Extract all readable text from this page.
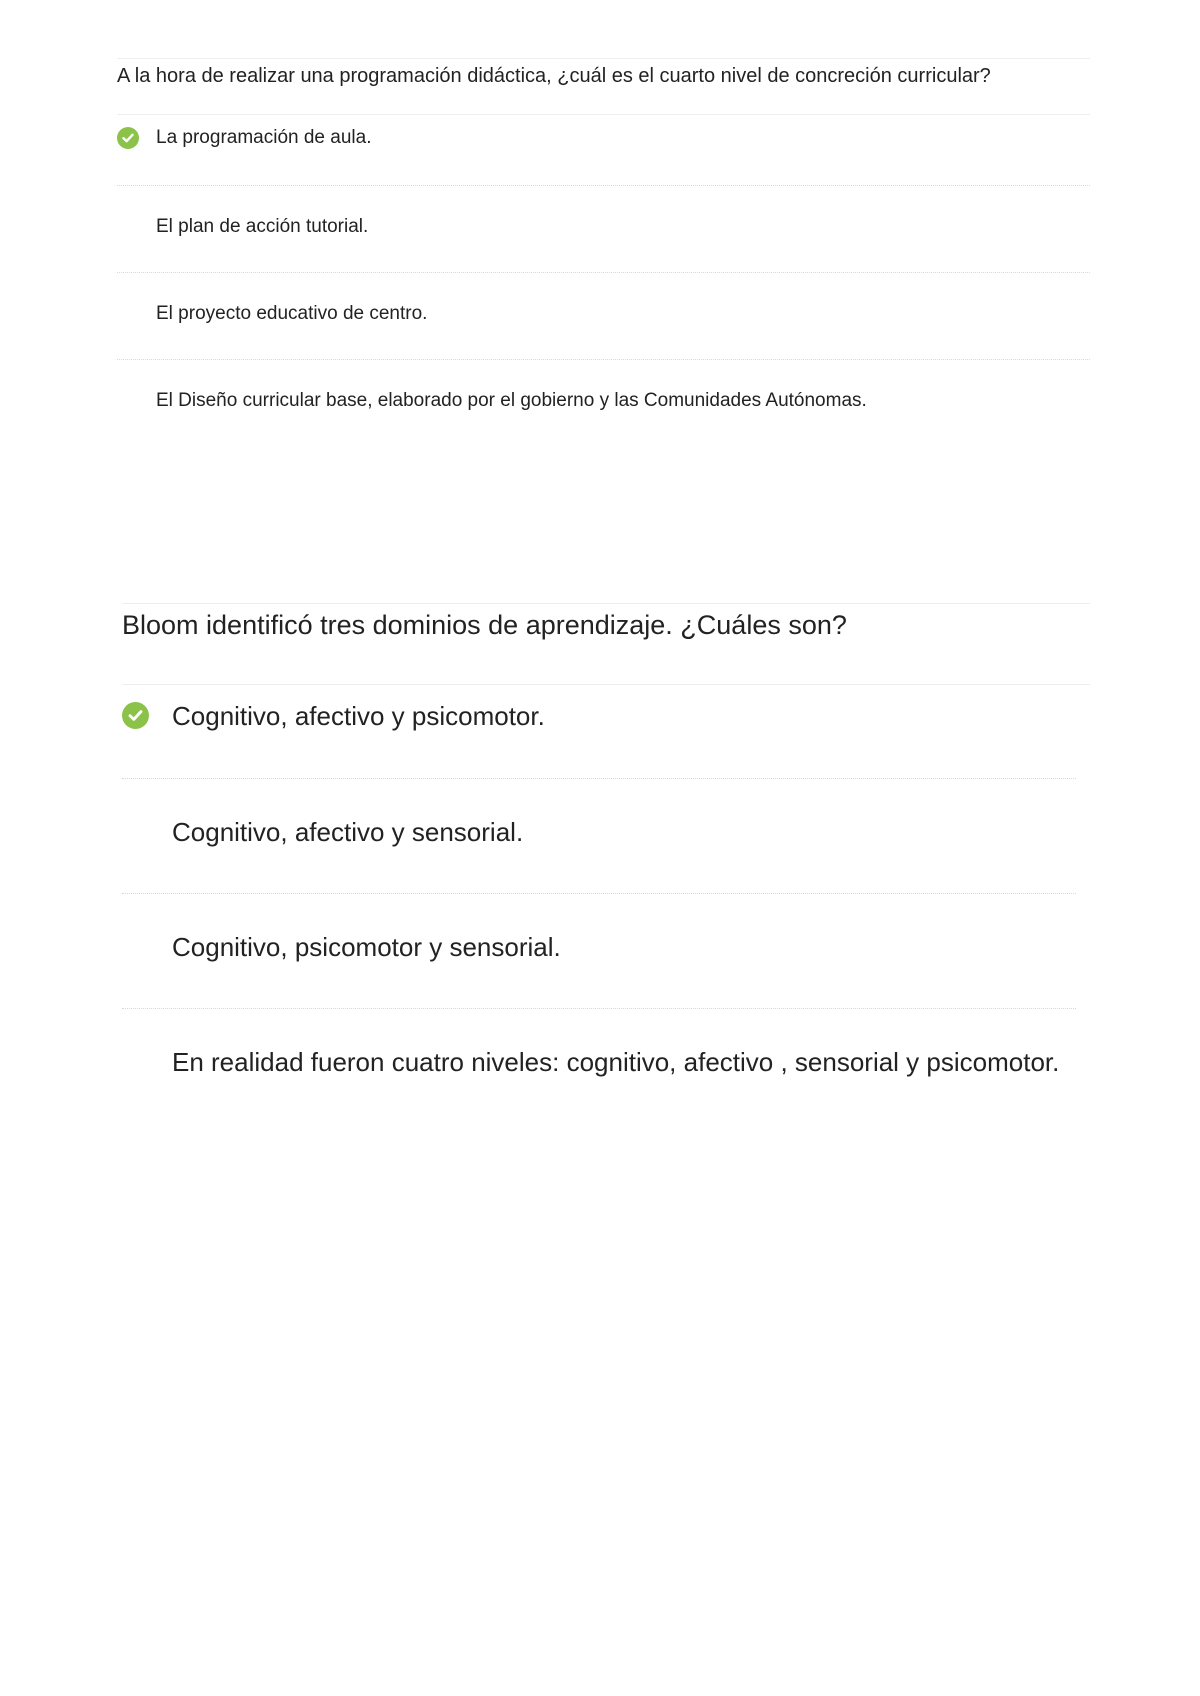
A la hora de realizar una programación didáctica, ¿cuál es el cuarto nivel de concreción curricular?
La programación de aula.
El plan de acción tutorial.
El proyecto educativo de centro.
El Diseño curricular base, elaborado por el gobierno y las Comunidades Autónomas.
Bloom identificó tres dominios de aprendizaje. ¿Cuáles son?
Cognitivo, afectivo y psicomotor.
Cognitivo, afectivo y sensorial.
Cognitivo, psicomotor y sensorial.
En realidad fueron cuatro niveles: cognitivo, afectivo , sensorial y psicomotor.
